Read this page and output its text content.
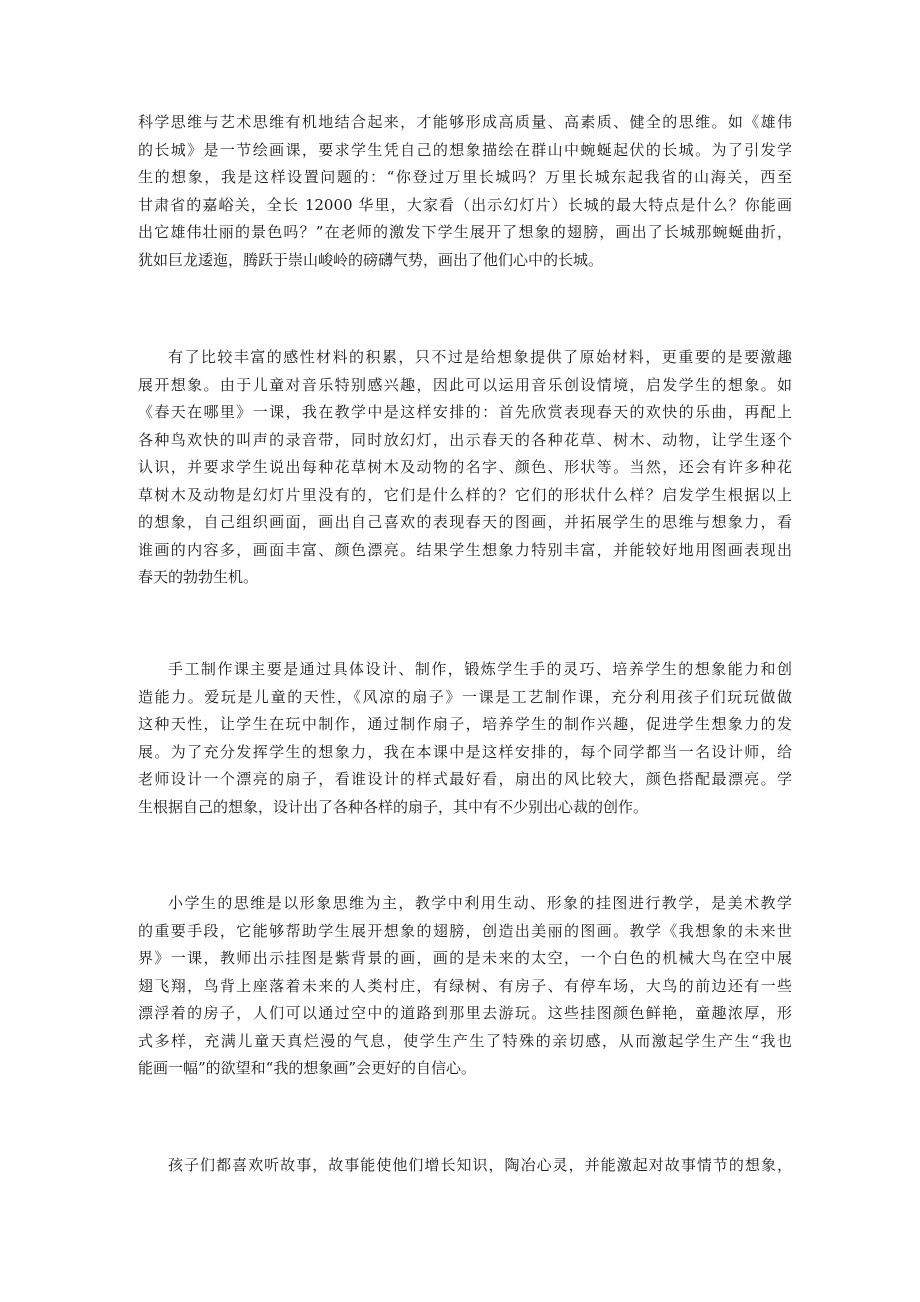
科学思维与艺术思维有机地结合起来，才能够形成高质量、高素质、健全的思维。如《雄伟
的长城》是一节绘画课，要求学生凭自己的想象描绘在群山中蜿蜒起伏的长城。为了引发学
生的想象，我是这样设置问题的：“你登过万里长城吗？万里长城东起我省的山海关，西至
甘肃省的嘉峪关，全长 12000 华里，大家看（出示幻灯片）长城的最大特点是什么？你能画
出它雄伟壮丽的景色吗？”在老师的激发下学生展开了想象的翅膀，画出了长城那蜿蜒曲折，
犹如巨龙逶迤，腾跃于崇山峻岭的磅礴气势，画出了他们心中的长城。
有了比较丰富的感性材料的积累，只不过是给想象提供了原始材料，更重要的是要激趣
展开想象。由于儿童对音乐特别感兴趣，因此可以运用音乐创设情境，启发学生的想象。如
《春天在哪里》一课，我在教学中是这样安排的：首先欣赏表现春天的欢快的乐曲，再配上
各种鸟欢快的叫声的录音带，同时放幻灯，出示春天的各种花草、树木、动物，让学生逐个
认识，并要求学生说出每种花草树木及动物的名字、颜色、形状等。当然，还会有许多种花
草树木及动物是幻灯片里没有的，它们是什么样的？它们的形状什么样？启发学生根据以上
的想象，自己组织画面，画出自己喜欢的表现春天的图画，并拓展学生的思维与想象力，看
谁画的内容多，画面丰富、颜色漂亮。结果学生想象力特别丰富，并能较好地用图画表现出
春天的勃勃生机。
手工制作课主要是通过具体设计、制作，锻炼学生手的灵巧、培养学生的想象能力和创
造能力。爱玩是儿童的天性，《风凉的扇子》一课是工艺制作课，充分利用孩子们玩玩做做
这种天性，让学生在玩中制作，通过制作扇子，培养学生的制作兴趣，促进学生想象力的发
展。为了充分发挥学生的想象力，我在本课中是这样安排的，每个同学都当一名设计师，给
老师设计一个漂亮的扇子，看谁设计的样式最好看，扇出的风比较大，颜色搭配最漂亮。学
生根据自己的想象，设计出了各种各样的扇子，其中有不少别出心裁的创作。
小学生的思维是以形象思维为主，教学中利用生动、形象的挂图进行教学，是美术教学
的重要手段，它能够帮助学生展开想象的翅膀，创造出美丽的图画。教学《我想象的未来世
界》一课，教师出示挂图是紫背景的画，画的是未来的太空，一个白色的机械大鸟在空中展
翅飞翔，鸟背上座落着未来的人类村庄，有绿树、有房子、有停车场，大鸟的前边还有一些
漂浮着的房子，人们可以通过空中的道路到那里去游玩。这些挂图颜色鲜艳，童趣浓厚，形
式多样，充满儿童天真烂漫的气息，使学生产生了特殊的亲切感，从而激起学生产生“我也
能画一幅”的欲望和“我的想象画”会更好的自信心。
孩子们都喜欢听故事，故事能使他们增长知识，陶冶心灵，并能激起对故事情节的想象，
